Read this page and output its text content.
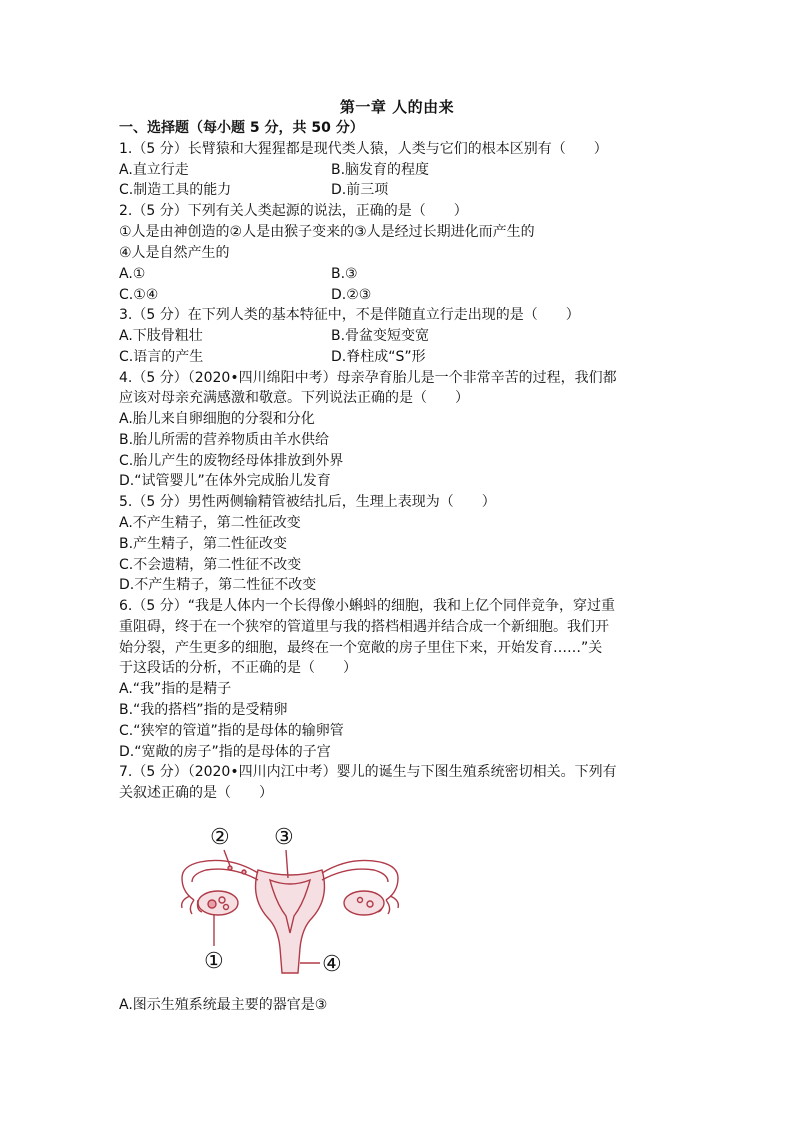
第一章 人的由来
一、选择题（每小题 5 分，共 50 分）
1.（5 分）长臂猿和大猩猩都是现代类人猿，人类与它们的根本区别有（　　）
A.直立行走	B.脑发育的程度
C.制造工具的能力	D.前三项
2.（5 分）下列有关人类起源的说法，正确的是（　　）
①人是由神创造的②人是由猴子变来的③人是经过长期进化而产生的
④人是自然产生的
A.①	B.③
C.①④	D.②③
3.（5 分）在下列人类的基本特征中，不是伴随直立行走出现的是（　　）
A.下肢骨粗壮	B.骨盆变短变宽
C.语言的产生	D.脊柱成“S”形
4.（5 分）（2020•四川绵阳中考）母亲孕育胎儿是一个非常辛苦的过程，我们都
应该对母亲充满感激和敬意。下列说法正确的是（　　）
A.胎儿来自卵细胞的分裂和分化
B.胎儿所需的营养物质由羊水供给
C.胎儿产生的废物经母体排放到外界
D.“试管婴儿”在体外完成胎儿发育
5.（5 分）男性两侧输精管被结扎后，生理上表现为（　　）
A.不产生精子，第二性征改变
B.产生精子，第二性征改变
C.不会遗精，第二性征不改变
D.不产生精子，第二性征不改变
6.（5 分）“我是人体内一个长得像小蝌蚪的细胞，我和上亿个同伴竞争，穿过重
重阻碍，终于在一个狭窄的管道里与我的搭档相遇并结合成一个新细胞。我们开
始分裂，产生更多的细胞，最终在一个宽敞的房子里住下来，开始发育……”关
于这段话的分析，不正确的是（　　）
A.“我”指的是精子
B.“我的搭档”指的是受精卵
C.“狭窄的管道”指的是母体的输卵管
D.“宽敞的房子”指的是母体的子宫
7.（5 分）（2020•四川内江中考）婴儿的诞生与下图生殖系统密切相关。下列有
关叙述正确的是（　　）
② ③
①	④
A.图示生殖系统最主要的器官是③
